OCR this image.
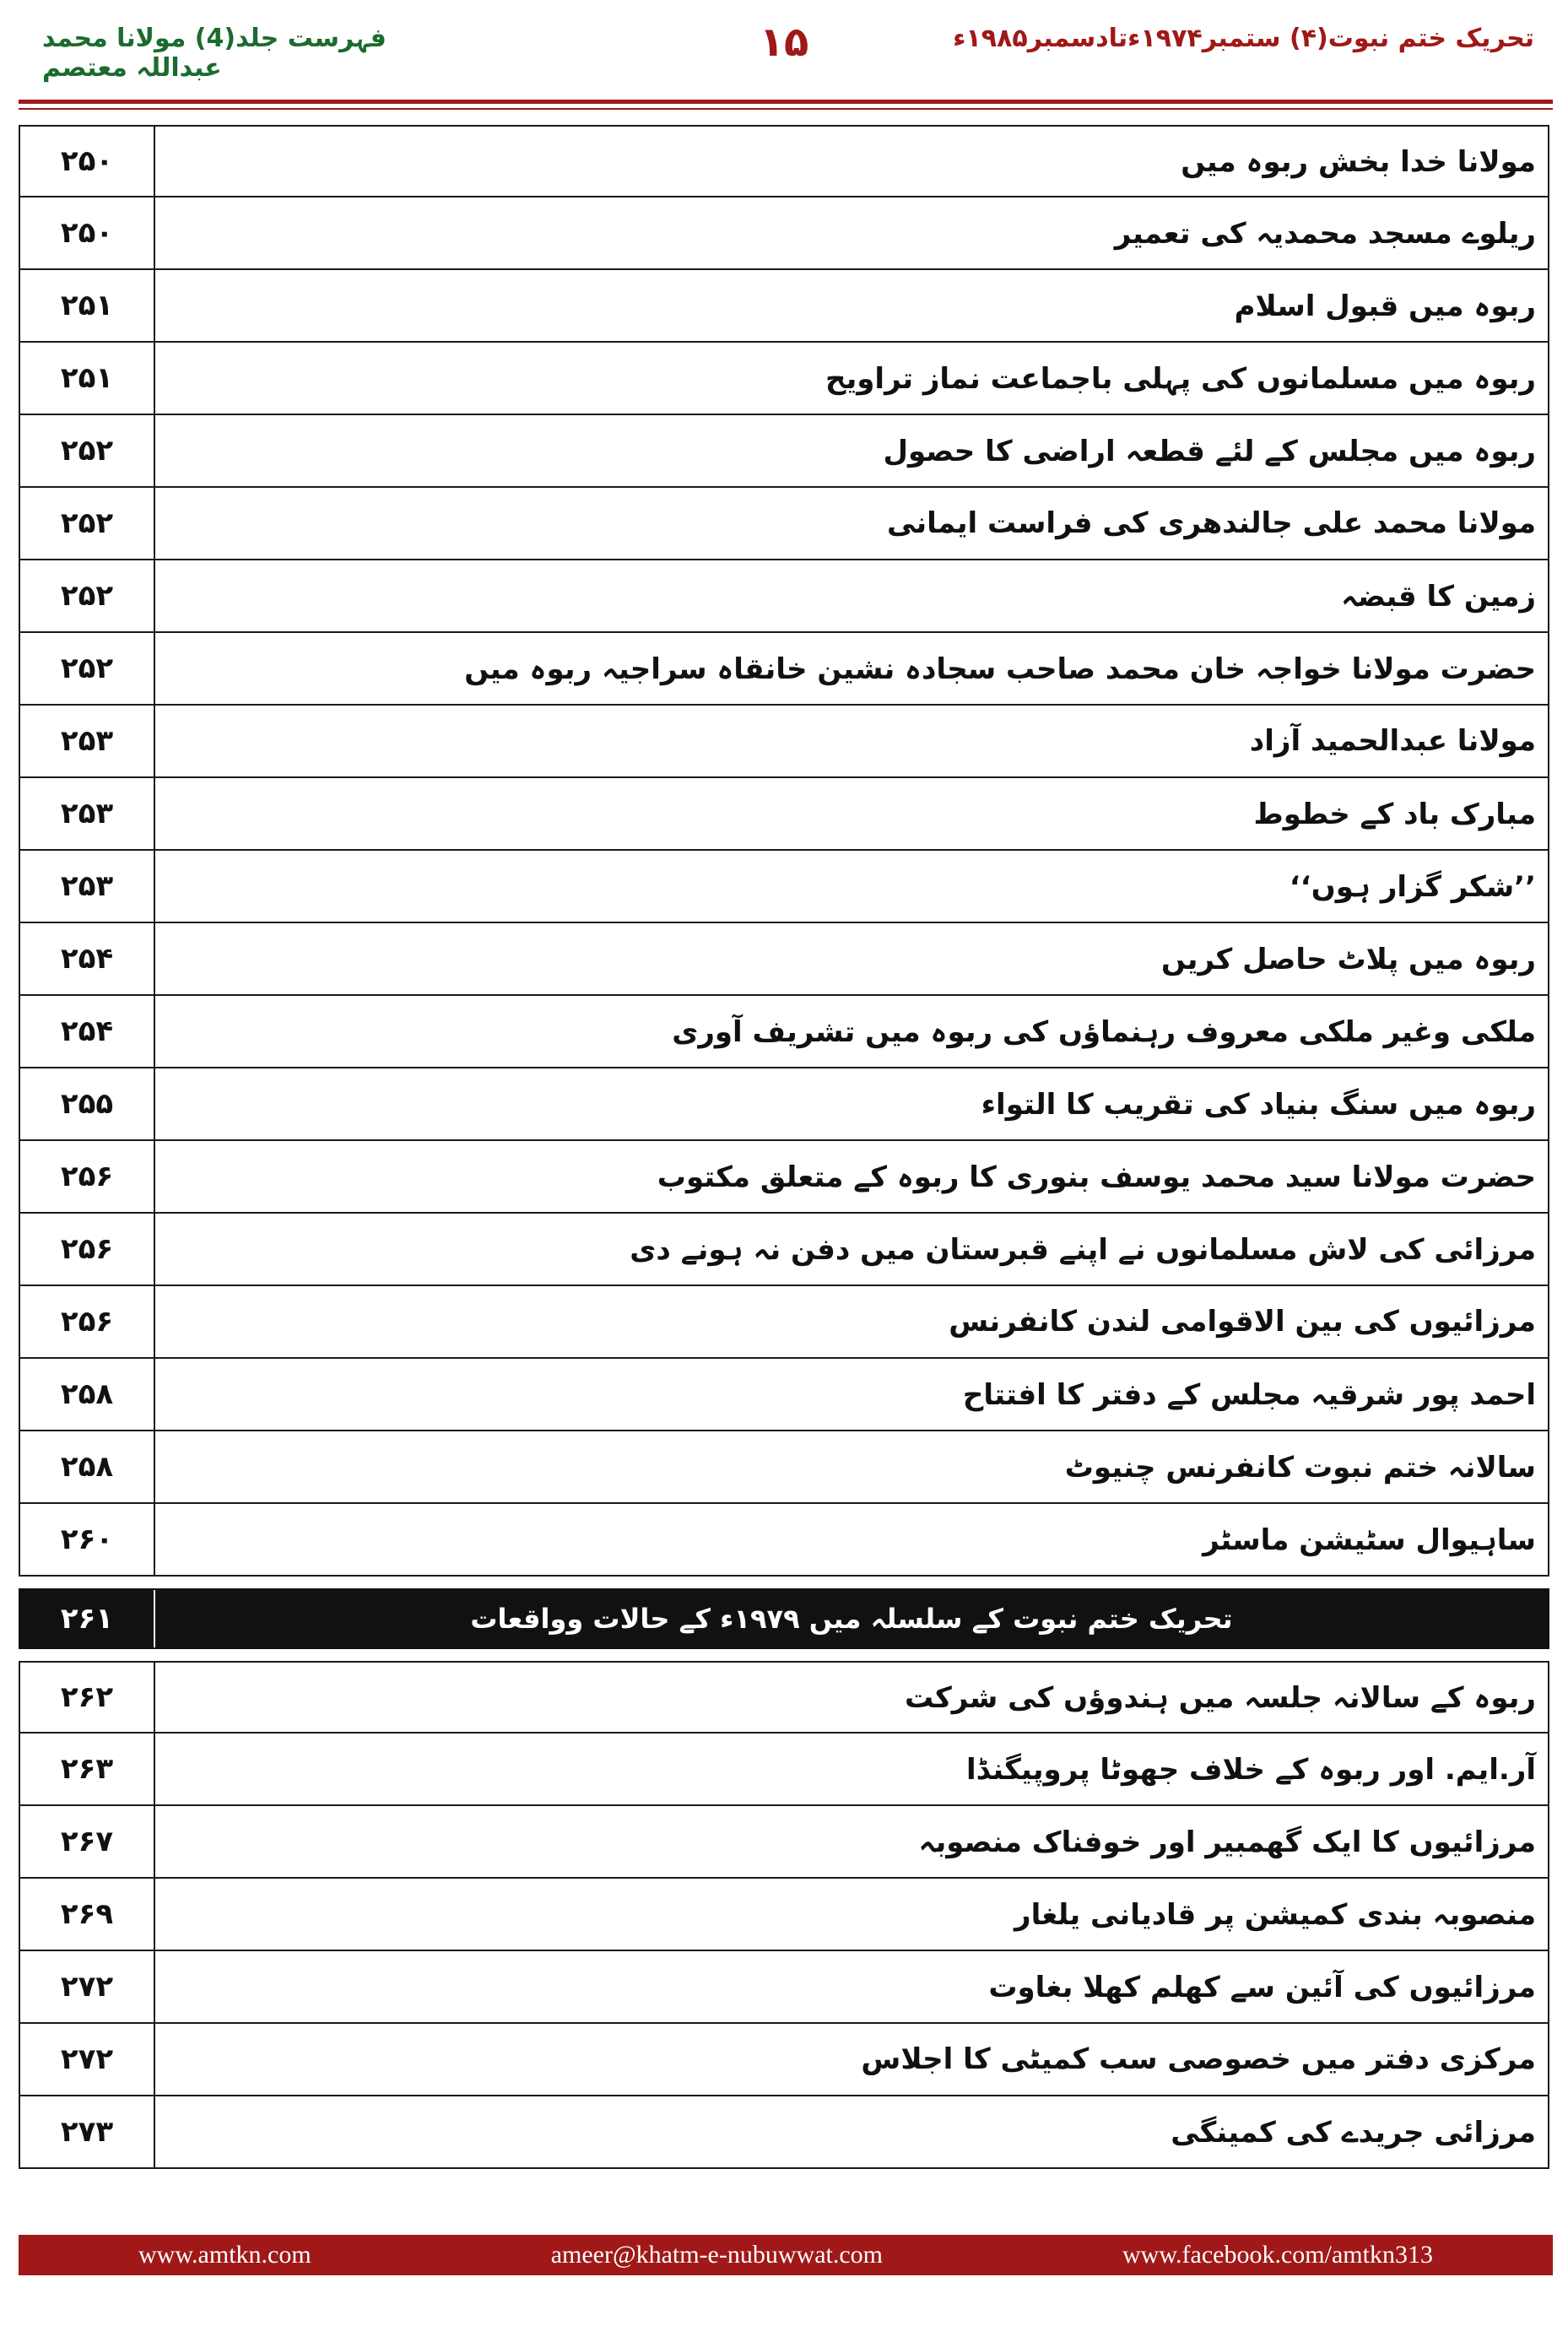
فہرست جلد(4) مولانا محمد عبداللہ معتصم
۱۵	تحریک ختم نبوت(۴) ستمبر۱۹۷۴ءتادسمبر۱۹۸۵ء
۲۵۰	مولانا خدا بخش ربوہ میں
۲۵۰	ریلوے مسجد محمدیہ کی تعمیر
۲۵۱	ربوہ میں قبول اسلام
۲۵۱	ربوہ میں مسلمانوں کی پہلی باجماعت نماز تراویح
۲۵۲	ربوہ میں مجلس کے لئے قطعہ اراضی کا حصول
۲۵۲	مولانا محمد علی جالندھری کی فراست ایمانی
۲۵۲	زمین کا قبضہ
۲۵۲	حضرت مولانا خواجہ خان محمد صاحب سجادہ نشین خانقاہ سراجیہ ربوہ میں
۲۵۳	مولانا عبدالحمید آزاد
۲۵۳	مبارک باد کے خطوط
۲۵۳	’’شکر گزار ہوں‘‘
۲۵۴	ربوہ میں پلاٹ حاصل کریں
۲۵۴	ملکی وغیر ملکی معروف رہنماؤں کی ربوہ میں تشریف آوری
۲۵۵	ربوہ میں سنگ بنیاد کی تقریب کا التواء
۲۵۶	حضرت مولانا سید محمد یوسف بنوری کا ربوہ کے متعلق مکتوب
۲۵۶	مرزائی کی لاش مسلمانوں نے اپنے قبرستان میں دفن نہ ہونے دی
۲۵۶	مرزائیوں کی بین الاقوامی لندن کانفرنس
۲۵۸	احمد پور شرقیہ مجلس کے دفتر کا افتتاح
۲۵۸	سالانہ ختم نبوت کانفرنس چنیوٹ
۲۶۰	ساہیوال سٹیشن ماسٹر
۲۶۱	تحریک ختم نبوت کے سلسلہ میں ۱۹۷۹ء کے حالات وواقعات
۲۶۲	ربوہ کے سالانہ جلسہ میں ہندوؤں کی شرکت
۲۶۳	آر.ایم. اور ربوہ کے خلاف جھوٹا پروپیگنڈا
۲۶۷	مرزائیوں کا ایک گھمبیر اور خوفناک منصوبہ
۲۶۹	منصوبہ بندی کمیشن پر قادیانی یلغار
۲۷۲	مرزائیوں کی آئین سے کھلم کھلا بغاوت
۲۷۲	مرکزی دفتر میں خصوصی سب کمیٹی کا اجلاس
۲۷۳	مرزائی جریدے کی کمینگی
www.amtkn.com	ameer@khatm-e-nubuwwat.com	www.facebook.com/amtkn313
